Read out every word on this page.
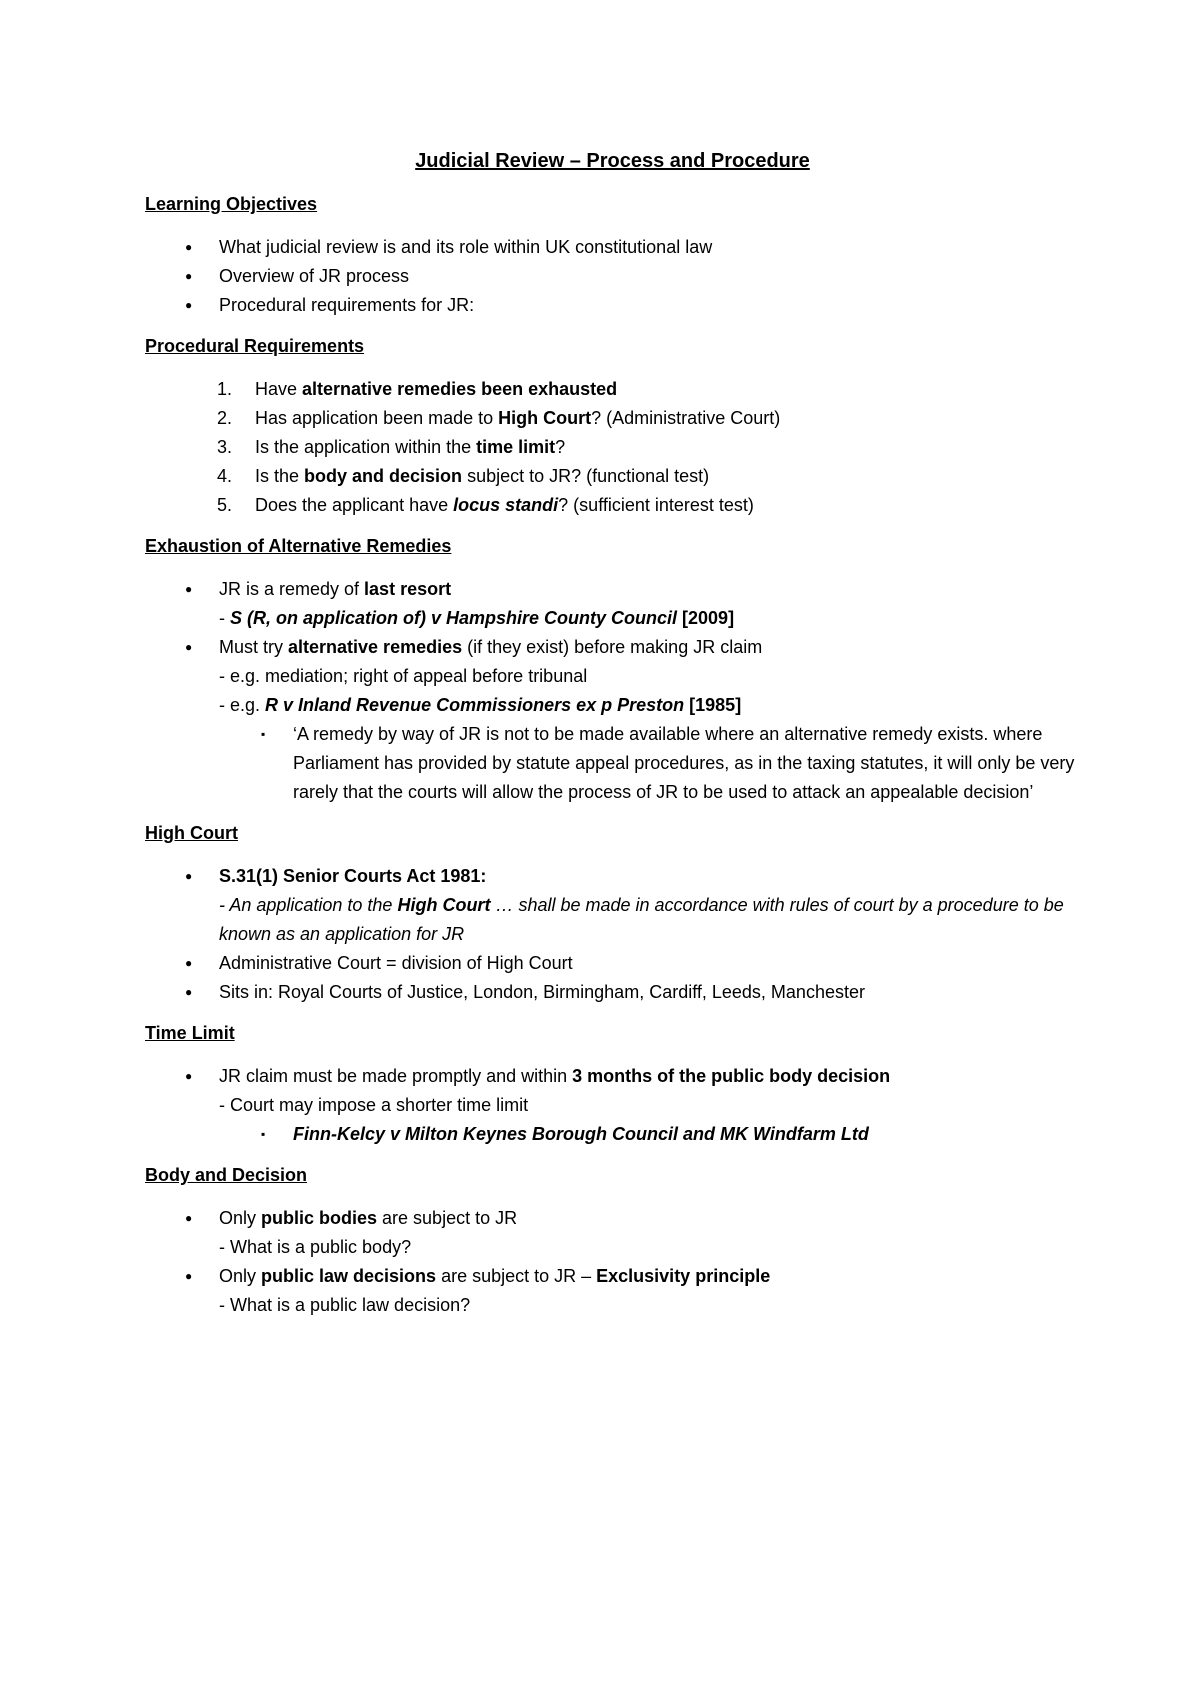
Judicial Review – Process and Procedure

Learning Objectives

● What judicial review is and its role within UK constitutional law
● Overview of JR process
● Procedural requirements for JR:

Procedural Requirements

1. Have alternative remedies been exhausted
2. Has application been made to High Court? (Administrative Court)
3. Is the application within the time limit?
4. Is the body and decision subject to JR? (functional test)
5. Does the applicant have locus standi? (sufficient interest test)

Exhaustion of Alternative Remedies

● JR is a remedy of last resort
- S (R, on application of) v Hampshire County Council [2009]
● Must try alternative remedies (if they exist) before making JR claim
- e.g. mediation; right of appeal before tribunal
- e.g. R v Inland Revenue Commissioners ex p Preston [1985]
▪ ‘A remedy by way of JR is not to be made available where an alternative remedy exists. where Parliament has provided by statute appeal procedures, as in the taxing statutes, it will only be very rarely that the courts will allow the process of JR to be used to attack an appealable decision’

High Court

● S.31(1) Senior Courts Act 1981:
- An application to the High Court … shall be made in accordance with rules of court by a procedure to be known as an application for JR
● Administrative Court = division of High Court
● Sits in: Royal Courts of Justice, London, Birmingham, Cardiff, Leeds, Manchester

Time Limit

● JR claim must be made promptly and within 3 months of the public body decision
- Court may impose a shorter time limit
▪ Finn-Kelcy v Milton Keynes Borough Council and MK Windfarm Ltd

Body and Decision

● Only public bodies are subject to JR
- What is a public body?
● Only public law decisions are subject to JR – Exclusivity principle
- What is a public law decision?
